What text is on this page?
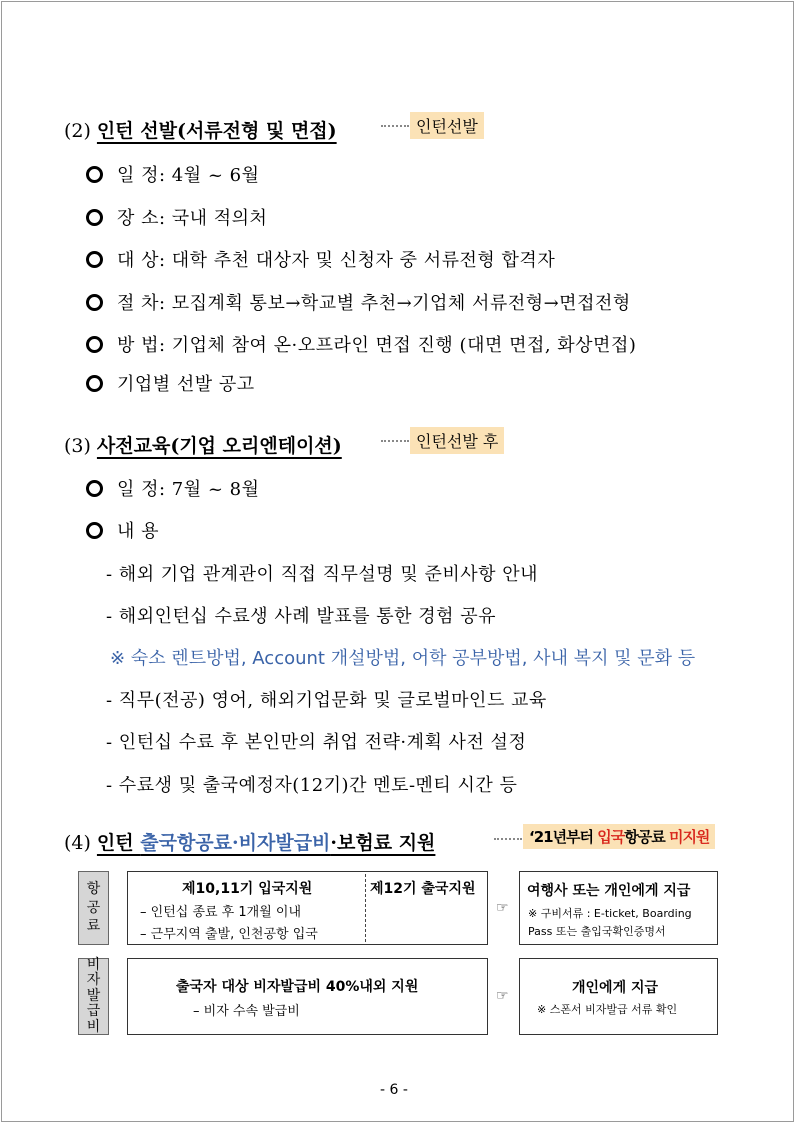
(2) 인턴 선발(서류전형 및 면접)	인턴선발
일 정: 4월 ~ 6월
장 소: 국내 적의처
대 상: 대학 추천 대상자 및 신청자 중 서류전형 합격자
절 차: 모집계획 통보→학교별 추천→기업체 서류전형→면접전형
방 법: 기업체 참여 온·오프라인 면접 진행 (대면 면접, 화상면접)
기업별 선발 공고
(3) 사전교육(기업 오리엔테이션)	인턴선발 후
일 정: 7월 ~ 8월
내 용
- 해외 기업 관계관이 직접 직무설명 및 준비사항 안내
- 해외인턴십 수료생 사례 발표를 통한 경험 공유
※ 숙소 렌트방법, Account 개설방법, 어학 공부방법, 사내 복지 및 문화 등
- 직무(전공) 영어, 해외기업문화 및 글로벌마인드 교육
- 인턴십 수료 후 본인만의 취업 전략·계획 사전 설정
- 수료생 및 출국예정자(12기)간 멘토-멘티 시간 등
(4) 인턴 출국항공료·비자발급비·보험료 지원	‘21년부터 입국항공료 미지원
항
공
료
제10,11기 입국지원
– 인턴십 종료 후 1개월 이내
– 근무지역 출발, 인천공항 입국
제12기 출국지원
☞
여행사 또는 개인에게 지급
※ 구비서류 : E-ticket, Boarding
Pass 또는 출입국확인증명서
비
자
발
급
비
출국자 대상 비자발급비 40%내외 지원
– 비자 수속 발급비
☞	개인에게 지급
※ 스폰서 비자발급 서류 확인
- 6 -
